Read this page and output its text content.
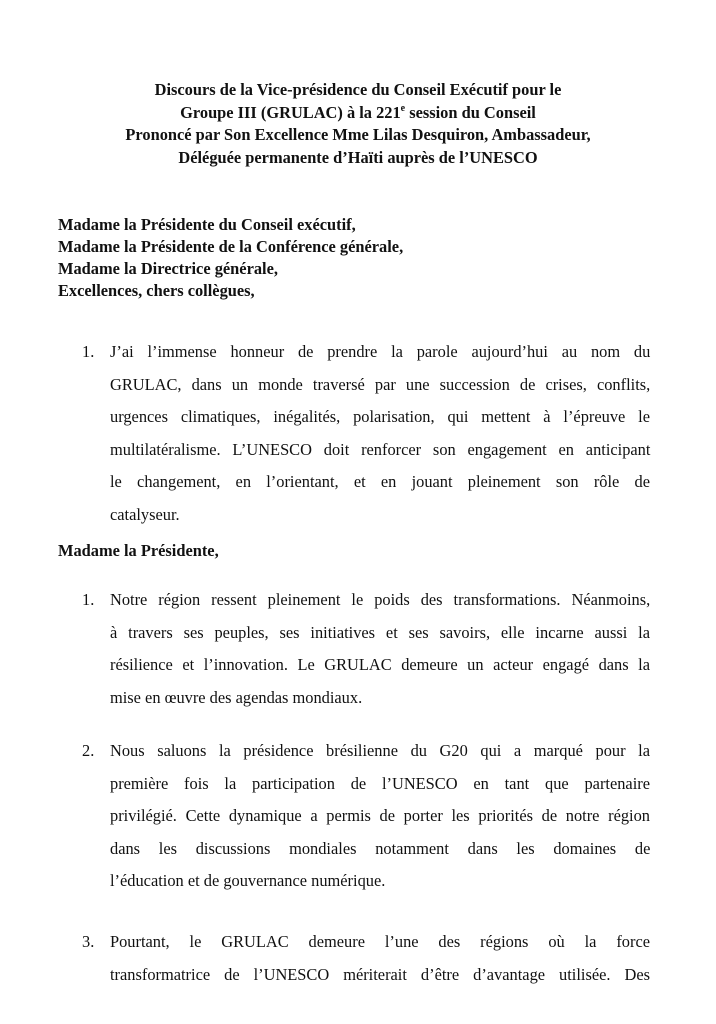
Discours de la Vice-présidence du Conseil Exécutif pour le
Groupe III (GRULAC) à la 221e session du Conseil
Prononcé par Son Excellence Mme Lilas Desquiron, Ambassadeur,
Déléguée permanente d’Haïti auprès de l’UNESCO
Madame la Présidente du Conseil exécutif,
Madame la Présidente de la Conférence générale,
Madame la Directrice générale,
Excellences, chers collègues,
1. J’ai l’immense honneur de prendre la parole aujourd’hui au nom du
GRULAC, dans un monde traversé par une succession de crises, conflits,
urgences climatiques, inégalités, polarisation, qui mettent à l’épreuve le
multilatéralisme. L’UNESCO doit renforcer son engagement en anticipant
le changement, en l’orientant, et en jouant pleinement son rôle de
catalyseur.
Madame la Présidente,
1. Notre région ressent pleinement le poids des transformations. Néanmoins,
à travers ses peuples, ses initiatives et ses savoirs, elle incarne aussi la
résilience et l’innovation. Le GRULAC demeure un acteur engagé dans la
mise en œuvre des agendas mondiaux.
2. Nous saluons la présidence brésilienne du G20 qui a marqué pour la
première fois la participation de l’UNESCO en tant que partenaire
privilégié. Cette dynamique a permis de porter les priorités de notre région
dans les discussions mondiales notamment dans les domaines de
l’éducation et de gouvernance numérique.
3. Pourtant, le GRULAC demeure l’une des régions où la force
transformatrice de l’UNESCO mériterait d’être d’avantage utilisée. Des
